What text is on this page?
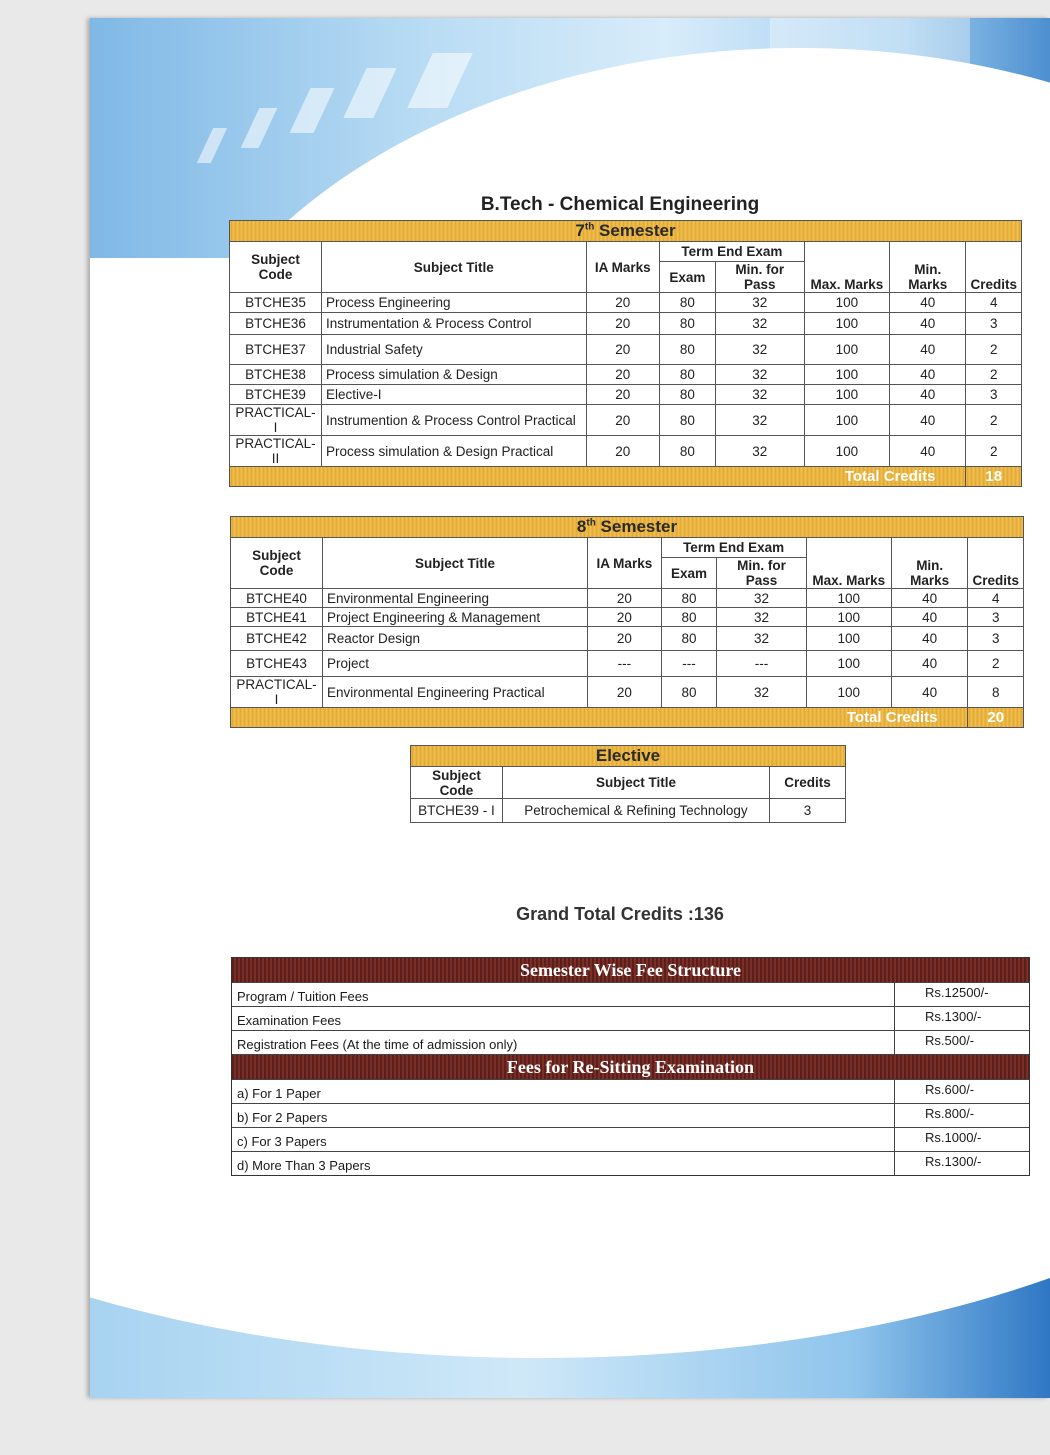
B.Tech - Chemical Engineering
7th Semester							
Subject Code	Subject Title	IA Marks	Term End Exam		Max. Marks	Min. Marks	Credits
			Exam	Min. for Pass			
BTCHE35	Process Engineering	20	80	32	100	40	4
BTCHE36	Instrumentation & Process Control	20	80	32	100	40	3
BTCHE37	Industrial Safety	20	80	32	100	40	2
BTCHE38	Process simulation & Design	20	80	32	100	40	2
BTCHE39	Elective-I	20	80	32	100	40	3
PRACTICAL-I	Instrumention & Process Control Practical	20	80	32	100	40	2
PRACTICAL-II	Process simulation & Design Practical	20	80	32	100	40	2
Total Credits							18
8th Semester							
Subject Code	Subject Title	IA Marks	Term End Exam		Max. Marks	Min. Marks	Credits
			Exam	Min. for Pass			
BTCHE40	Environmental Engineering	20	80	32	100	40	4
BTCHE41	Project Engineering & Management	20	80	32	100	40	3
BTCHE42	Reactor Design	20	80	32	100	40	3
BTCHE43	Project	---	---	---	100	40	2
PRACTICAL-I	Environmental Engineering Practical	20	80	32	100	40	8
Total Credits							20
Elective		
Subject Code	Subject Title	Credits
BTCHE39 - I	Petrochemical & Refining Technology	3
Grand Total Credits :136
Semester Wise Fee Structure
Program / Tuition Fees	Rs.12500/-
Examination Fees	Rs.1300/-
Registration Fees (At the time of admission only)	Rs.500/-
Fees for Re-Sitting Examination
a) For 1 Paper	Rs.600/-
b) For 2 Papers	Rs.800/-
c) For 3 Papers	Rs.1000/-
d) More Than 3 Papers	Rs.1300/-
